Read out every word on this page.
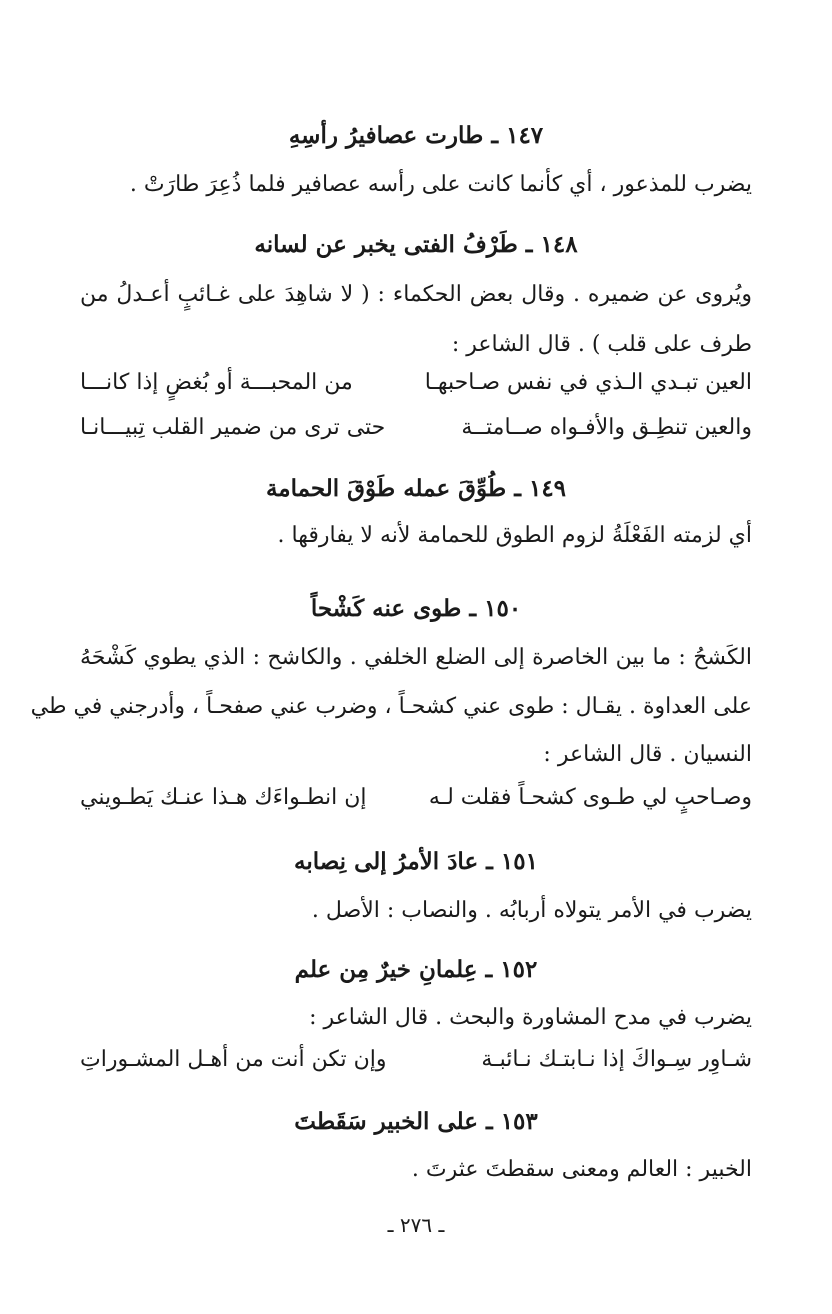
١٤٧ ـ طارت عصافيرُ رأسِهِ
يضرب للمذعور ، أي كأنما كانت على رأسه عصافير فلما ذُعِرَ طارَتْ .
١٤٨ ـ طَرْفُ الفتى يخبر عن لسانه
ويُروى عن ضميره . وقال بعض الحكماء : ( لا شاهِدَ على غـائبٍ أعـدلُ من
طرف على قلب ) . قال الشاعر :
العين تبـدي الـذي في نفس صـاحبهـا
من المحبـــة أو بُغضٍ إذا كانـــا
والعين تنطِـق والأفـواه صــامتــة
حتى ترى من ضمير القلب تِبيـــانـا
١٤٩ ـ طُوِّقَ عمله طَوْقَ الحمامة
أي لزمته الفَعْلَةُ لزوم الطوق للحمامة لأنه لا يفارقها .
١٥٠ ـ طوى عنه كَشْحاً
الكَشحُ : ما بين الخاصرة إلى الضلع الخلفي . والكاشح : الذي يطوي كَشْحَهُ
على العداوة . يقـال : طوى عني كشحـاً ، وضرب عني صفحـاً ، وأدرجني في طي
النسيان . قال الشاعر :
وصـاحبٍ لي طـوى كشحـاً فقلت لـه
إن انطـواءَك هـذا عنـك يَطـويني
١٥١ ـ عادَ الأمرُ إلى نِصابه
يضرب في الأمر يتولاه أربابُه . والنصاب : الأصل .
١٥٢ ـ عِلمانِ خيرٌ مِن علم
يضرب في مدح المشاورة والبحث . قال الشاعر :
شـاوِر سِـواكَ إذا نـابتـك نـائبـة
وإن تكن أنت من أهـل المشـوراتِ
١٥٣ ـ على الخبير سَقَطتَ
الخبير : العالم ومعنى سقطتَ عثرتَ .
ـ ٢٧٦ ـ
